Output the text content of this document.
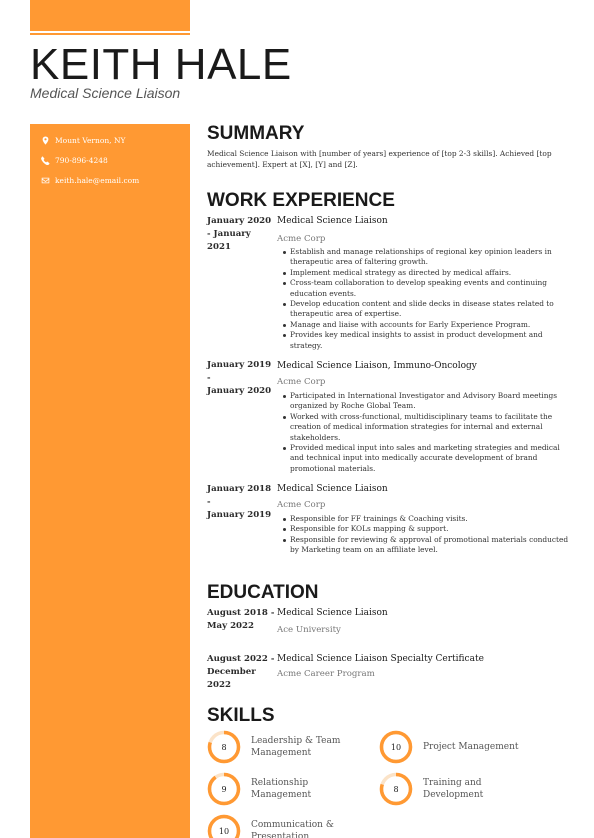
KEITH HALE
Medical Science Liaison
Mount Vernon, NY
790-896-4248
keith.hale@email.com
SUMMARY

Medical Science Liaison with [number of years] experience of [top 2-3 skills]. Achieved [top achievement]. Expert at [X], [Y] and [Z].

WORK EXPERIENCE
January 2020
- January 2021
Medical Science Liaison
Acme Corp
Establish and manage relationships of regional key opinion leaders in therapeutic area of faltering growth.
Implement medical strategy as directed by medical affairs.
Cross-team collaboration to develop speaking events and continuing education events.
Develop education content and slide decks in disease states related to therapeutic area of expertise.
Manage and liaise with accounts for Early Experience Program.
Provides key medical insights to assist in product development and strategy.
January 2019 -
January 2020
Medical Science Liaison, Immuno-Oncology
Acme Corp
Participated in International Investigator and Advisory Board meetings organized by Roche Global Team.
Worked with cross-functional, multidisciplinary teams to facilitate the creation of medical information strategies for internal and external stakeholders.
Provided medical input into sales and marketing strategies and medical and technical input into medically accurate development of brand promotional materials.
January 2018 -
January 2019
Medical Science Liaison
Acme Corp
Responsible for FF trainings & Coaching visits.
Responsible for KOLs mapping & support.
Responsible for reviewing & approval of promotional materials conducted by Marketing team on an affiliate level.
EDUCATION
August 2018 -
May 2022
Medical Science Liaison
Ace University
August 2022 -
December 2022
Medical Science Liaison Specialty Certificate
Acme Career Program
SKILLS
8
Leadership & Team Management
10	Project Management
9
Relationship Management
8
Training and Development
10
Communication & Presentation
